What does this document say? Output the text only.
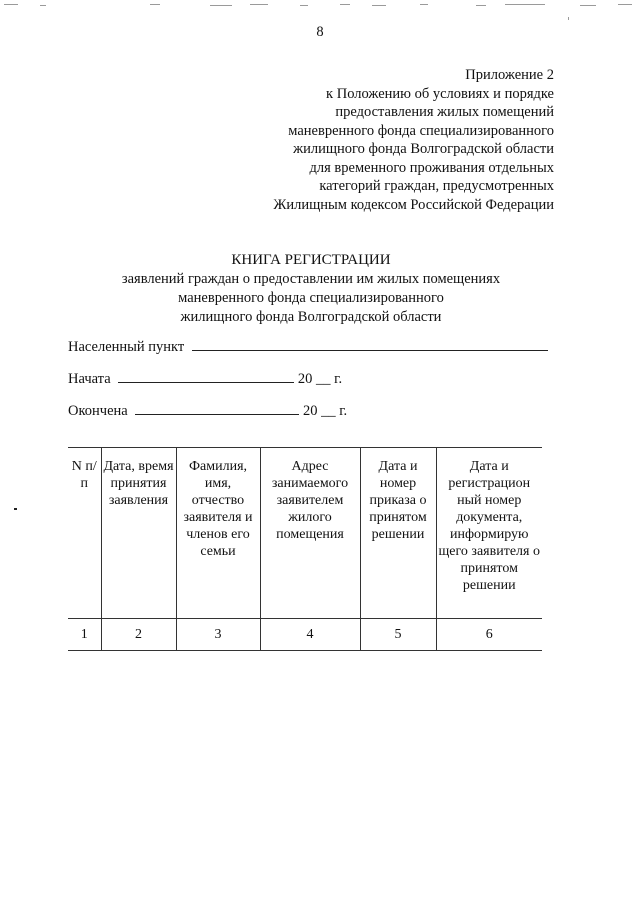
8
Приложение 2
к Положению об условиях и порядке
предоставления жилых помещений
маневренного фонда специализированного
жилищного фонда Волгоградской области
для временного проживания отдельных
категорий граждан, предусмотренных
Жилищным кодексом Российской Федерации
КНИГА РЕГИСТРАЦИИ
заявлений граждан о предоставлении им жилых помещениях
маневренного фонда специализированного
жилищного фонда Волгоградской области
Населенный пункт
Начата	20 __ г.
Окончена	20 __ г.
N п/п	Дата, время принятия заявления	Фамилия, имя, отчество заявителя и членов его семьи	Адрес занимаемого заявителем жилого помещения	Дата и номер приказа о принятом решении	Дата и регистрацион ный номер документа, информирую щего заявителя о принятом решении
1	2	3	4	5	6
